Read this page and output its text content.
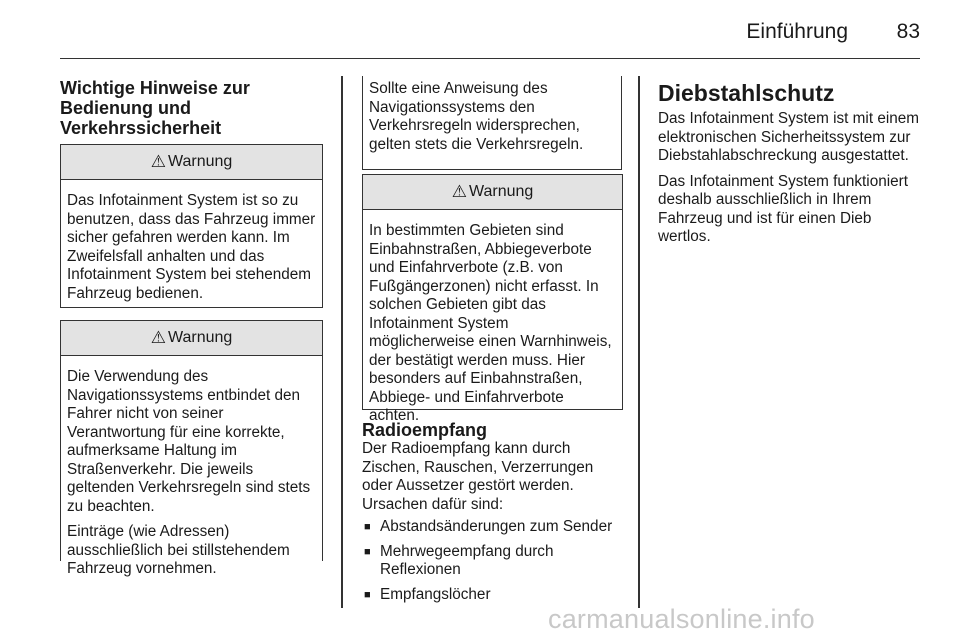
Einführung	83
Wichtige Hinweise zur Bedienung und Verkehrssicherheit
⚠ Warnung

Das Infotainment System ist so zu benutzen, dass das Fahrzeug immer sicher gefahren werden kann. Im Zweifelsfall anhalten und das Infotainment System bei stehendem Fahrzeug bedienen.

⚠ Warnung

Die Verwendung des Navigationssystems entbindet den Fahrer nicht von seiner Verantwortung für eine korrekte, aufmerksame Haltung im Straßenverkehr. Die jeweils geltenden Verkehrsregeln sind stets zu beachten.

Einträge (wie Adressen) ausschließlich bei stillstehendem Fahrzeug vornehmen.

Sollte eine Anweisung des Navigationssystems den Verkehrsregeln widersprechen, gelten stets die Verkehrsregeln.
⚠ Warnung

In bestimmten Gebieten sind Einbahnstraßen, Abbiegeverbote und Einfahrverbote (z.B. von Fußgängerzonen) nicht erfasst. In solchen Gebieten gibt das Infotainment System möglicherweise einen Warnhinweis, der bestätigt werden muss. Hier besonders auf Einbahnstraßen, Abbiege- und Einfahrverbote achten.

Radioempfang

Der Radioempfang kann durch Zischen, Rauschen, Verzerrungen oder Aussetzer gestört werden. Ursachen dafür sind:

■ Abstandsänderungen zum Sender
■ Mehrwegeempfang durch Reflexionen
■ Empfangslöcher
Diebstahlschutz

Das Infotainment System ist mit einem elektronischen Sicherheitssystem zur Diebstahlabschreckung ausgestattet.

Das Infotainment System funktioniert deshalb ausschließlich in Ihrem Fahrzeug und ist für einen Dieb wertlos.

carmanualsonline.info
